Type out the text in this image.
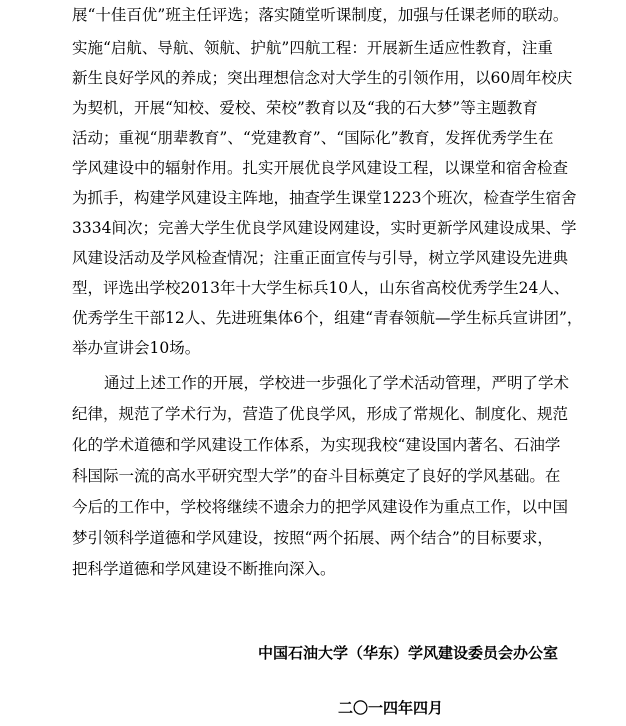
展“十佳百优”班主任评选；落实随堂听课制度，加强与任课老师的联动。
实施“启航、导航、领航、护航”四航工程：开展新生适应性教育，注重
新生良好学风的养成；突出理想信念对大学生的引领作用，以60周年校庆
为契机，开展“知校、爱校、荣校”教育以及“我的石大梦”等主题教育
活动；重视“朋辈教育”、“党建教育”、“国际化”教育，发挥优秀学生在
学风建设中的辐射作用。扎实开展优良学风建设工程，以课堂和宿舍检查
为抓手，构建学风建设主阵地，抽查学生课堂1223个班次，检查学生宿舍
3334间次；完善大学生优良学风建设网建设，实时更新学风建设成果、学
风建设活动及学风检查情况；注重正面宣传与引导，树立学风建设先进典
型，评选出学校2013年十大学生标兵10人，山东省高校优秀学生24人、
优秀学生干部12人、先进班集体6个，组建“青春领航—学生标兵宣讲团”，
举办宣讲会10场。
通过上述工作的开展，学校进一步强化了学术活动管理，严明了学术
纪律，规范了学术行为，营造了优良学风，形成了常规化、制度化、规范
化的学术道德和学风建设工作体系，为实现我校“建设国内著名、石油学
科国际一流的高水平研究型大学”的奋斗目标奠定了良好的学风基础。在
今后的工作中，学校将继续不遗余力的把学风建设作为重点工作，以中国
梦引领科学道德和学风建设，按照“两个拓展、两个结合”的目标要求，
把科学道德和学风建设不断推向深入。
中国石油大学（华东）学风建设委员会办公室
二〇一四年四月
